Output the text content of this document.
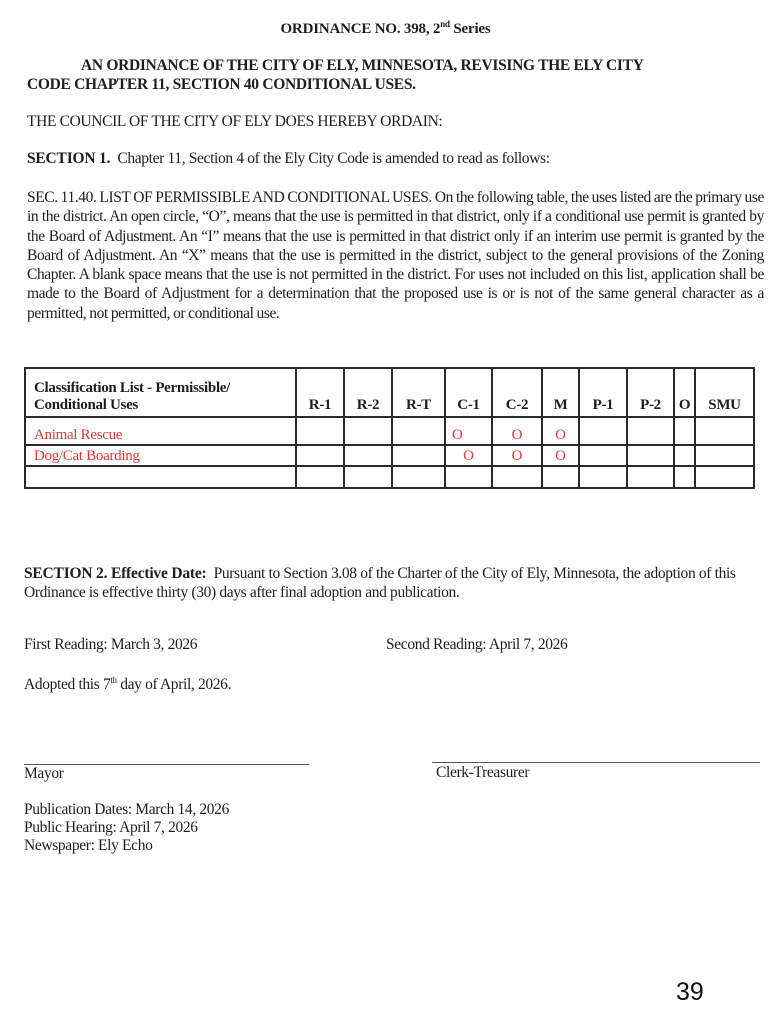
ORDINANCE NO. 398, 2nd Series
AN ORDINANCE OF THE CITY OF ELY, MINNESOTA, REVISING THE ELY CITY
CODE CHAPTER 11, SECTION 40 CONDITIONAL USES.
THE COUNCIL OF THE CITY OF ELY DOES HEREBY ORDAIN:
SECTION 1. Chapter 11, Section 4 of the Ely City Code is amended to read as follows:
SEC. 11.40. LIST OF PERMISSIBLE AND CONDITIONAL USES. On the following table, the uses listed are the primary use in the district. An open circle, “O”, means that the use is permitted in that district, only if a conditional use permit is granted by the Board of Adjustment. An “I” means that the use is permitted in that district only if an interim use permit is granted by the Board of Adjustment. An “X” means that the use is permitted in the district, subject to the general provisions of the Zoning Chapter. A blank space means that the use is not permitted in the district. For uses not included on this list, application shall be made to the Board of Adjustment for a determination that the proposed use is or is not of the same general character as a permitted, not permitted, or conditional use.
Classification List - Permissible/
Conditional Uses	R-1	R-2	R-T	C-1	C-2	M	P-1	P-2	O	SMU
Animal Rescue				O	O	O				
Dog/Cat Boarding				O	O	O				

SECTION 2. Effective Date: Pursuant to Section 3.08 of the Charter of the City of Ely, Minnesota, the adoption of this Ordinance is effective thirty (30) days after final adoption and publication.
First Reading: March 3, 2026	Second Reading: April 7, 2026
Adopted this 7th day of April, 2026.
Mayor	Clerk-Treasurer
Publication Dates: March 14, 2026
Public Hearing: April 7, 2026
Newspaper: Ely Echo
39
